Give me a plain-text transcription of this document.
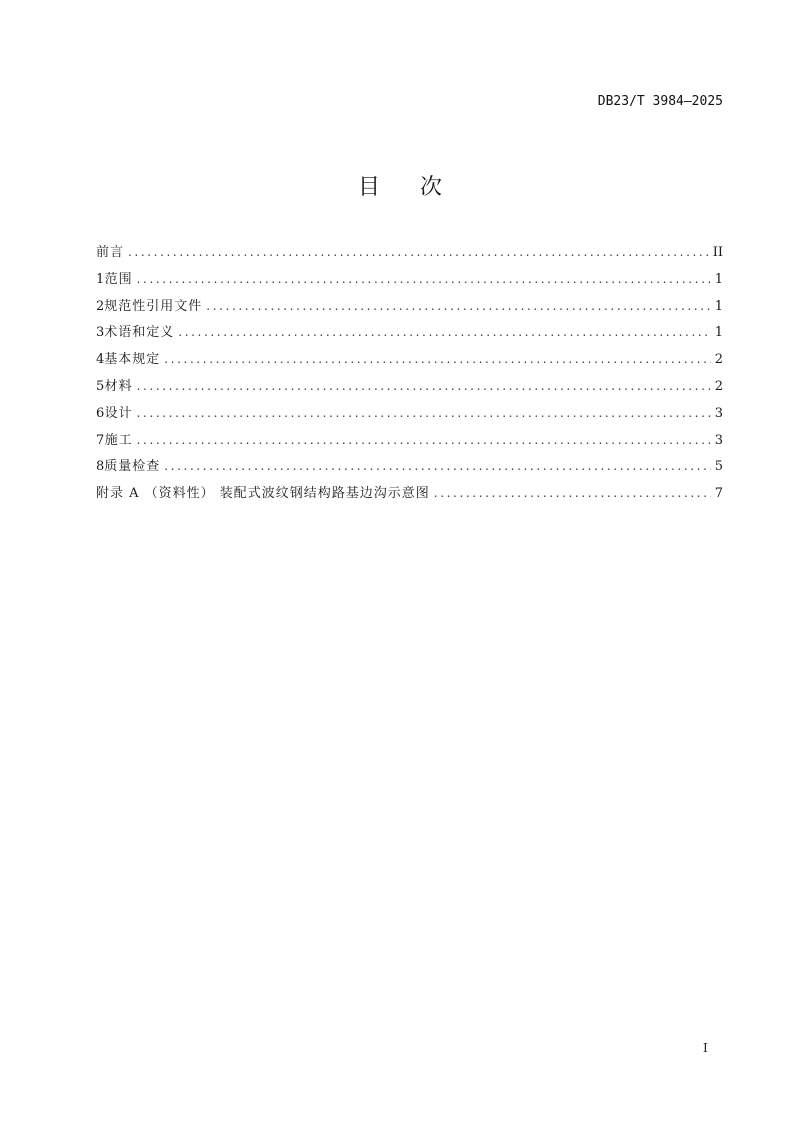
DB23/T 3984—2025
目 次
前言 .....	II
1 范围 .....	1
2 规范性引用文件 .....	1
3 术语和定义 .....	1
4 基本规定 .....	2
5 材料 .....	2
6 设计 .....	3
7 施工 .....	3
8 质量检查 .....	5
附录 A （资料性） 装配式波纹钢结构路基边沟示意图 .....	7
I
